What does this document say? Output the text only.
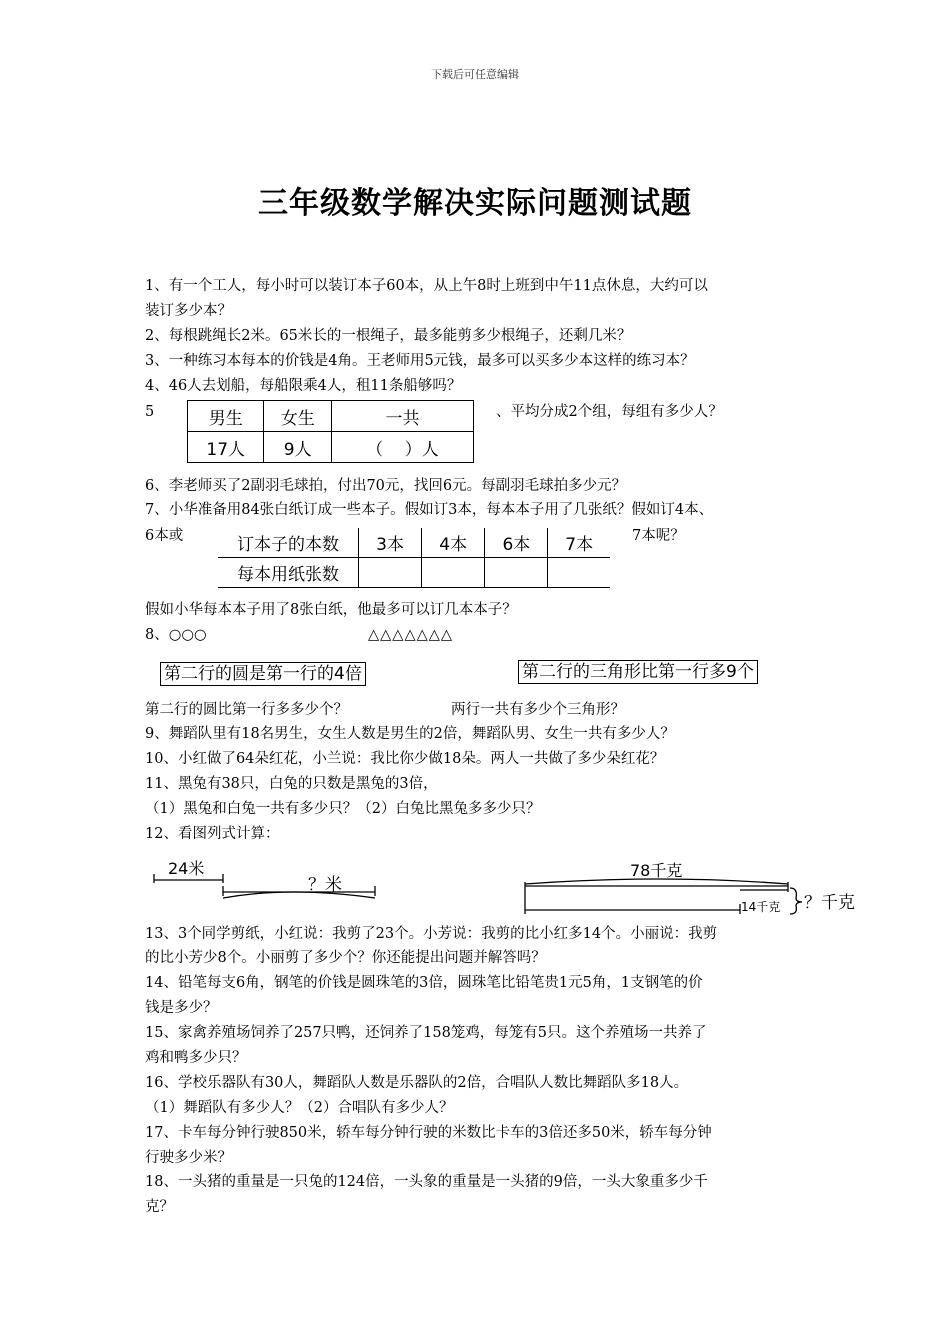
下载后可任意编辑
三年级数学解决实际问题测试题
1、有一个工人，每小时可以装订本子60本，从上午8时上班到中午11点休息，大约可以
装订多少本？
2、每根跳绳长2米。65米长的一根绳子，最多能剪多少根绳子，还剩几米？
3、一种练习本每本的价钱是4角。王老师用5元钱，最多可以买多少本这样的练习本？
4、46人去划船，每船限乘4人，租11条船够吗？
5	男生	女生	一共
17人	9人	（    ）人
、平均分成2个组，每组有多少人？
6、李老师买了2副羽毛球拍，付出70元，找回6元。每副羽毛球拍多少元？
7、小华准备用84张白纸订成一些本子。假如订3本，每本本子用了几张纸？假如订4本、
6本或	订本子的本数	3本	4本	6本	7本
每本用纸张数				
7本呢？
假如小华每本本子用了8张白纸，他最多可以订几本本子？
8、○○○	△△△△△△△
第二行的圆是第一行的4倍	第二行的三角形比第一行多9个
第二行的圆比第一行多多少个？	两行一共有多少个三角形？
9、舞蹈队里有18名男生，女生人数是男生的2倍，舞蹈队男、女生一共有多少人？
10、小红做了64朵红花，小兰说：我比你少做18朵。两人一共做了多少朵红花？
11、黑兔有38只，白兔的只数是黑兔的3倍，
（1）黑兔和白兔一共有多少只？（2）白兔比黑兔多多少只？
12、看图列式计算：
24米
？米
78千克
14千克 ？千克
13、3个同学剪纸，小红说：我剪了23个。小芳说：我剪的比小红多14个。小丽说：我剪
的比小芳少8个。小丽剪了多少个？你还能提出问题并解答吗？
14、铅笔每支6角，钢笔的价钱是圆珠笔的3倍，圆珠笔比铅笔贵1元5角，1支钢笔的价
钱是多少？
15、家禽养殖场饲养了257只鸭，还饲养了158笼鸡，每笼有5只。这个养殖场一共养了
鸡和鸭多少只？
16、学校乐器队有30人，舞蹈队人数是乐器队的2倍，合唱队人数比舞蹈队多18人。
（1）舞蹈队有多少人？（2）合唱队有多少人？
17、卡车每分钟行驶850米，轿车每分钟行驶的米数比卡车的3倍还多50米，轿车每分钟
行驶多少米？
18、一头猪的重量是一只兔的124倍，一头象的重量是一头猪的9倍，一头大象重多少千
克？
